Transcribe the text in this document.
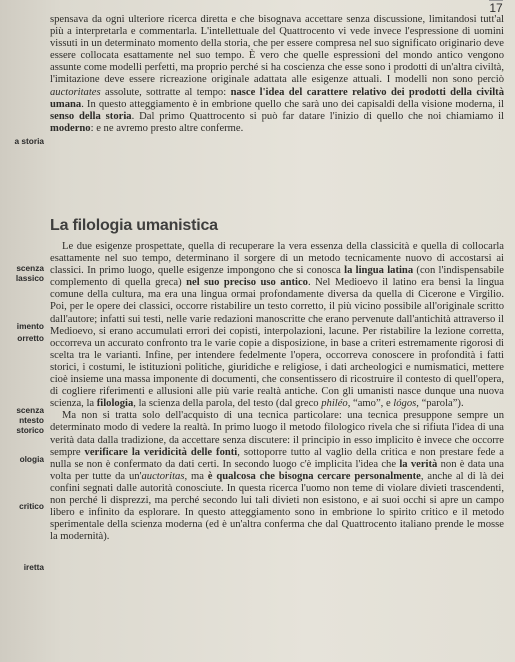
17
a storia
scenza
lassico
imento
orretto
scenza
ntesto
storico
ologia
critico
iretta

spensava da ogni ulteriore ricerca diretta e che bisognava accettare senza discussione, limitandosi tutt'al più a interpretarla e commentarla. L'intellettuale del Quattrocento vi vede invece l'espressione di uomini vissuti in un determinato momento della storia, che per essere compresa nel suo significato originario deve essere collocata esattamente nel suo tempo. È vero che quelle espressioni del mondo antico vengono assunte come modelli perfetti, ma proprio perché si ha coscienza che esse sono i prodotti di un'altra civiltà, l'imitazione deve essere ricreazione originale adattata alle esigenze attuali. I modelli non sono perciò auctoritates assolute, sottratte al tempo: nasce l'idea del carattere relativo dei prodotti della civiltà umana. In questo atteggiamento è in embrione quello che sarà uno dei capisaldi della visione moderna, il senso della storia. Dal primo Quattrocento si può far datare l'inizio di quello che noi chiamiamo il moderno: e ne avremo presto altre conferme.

La filologia umanistica

Le due esigenze prospettate, quella di recuperare la vera essenza della classicità e quella di collocarla esattamente nel suo tempo, determinano il sorgere di un metodo tecnicamente nuovo di accostarsi ai classici. In primo luogo, quelle esigenze impongono che si conosca la lingua latina (con l'indispensabile complemento di quella greca) nel suo preciso uso antico. Nel Medioevo il latino era bensì la lingua comune della cultura, ma era una lingua ormai profondamente diversa da quella di Cicerone e Virgilio. Poi, per le opere dei classici, occorre ristabilire un testo corretto, il più vicino possibile all'originale scritto dall'autore; infatti sui testi, nelle varie redazioni manoscritte che erano pervenute dall'antichità attraverso il Medioevo, si erano accumulati errori dei copisti, interpolazioni, lacune. Per ristabilire la lezione corretta, occorreva un accurato confronto tra le varie copie a disposizione, in base a criteri estremamente rigorosi di scelta tra le varianti. Infine, per intendere fedelmente l'opera, occorreva conoscere in profondità i fatti storici, i costumi, le istituzioni politiche, giuridiche e religiose, i dati archeologici e numismatici, mettere cioè insieme una massa imponente di documenti, che consentissero di ricostruire il contesto di quell'opera, di cogliere riferimenti e allusioni alle più varie realtà antiche. Con gli umanisti nasce dunque una nuova scienza, la filologia, la scienza della parola, del testo (dal greco philéo, “amo”, e lógos, “parola”).

Ma non si tratta solo dell'acquisto di una tecnica particolare: una tecnica presuppone sempre un determinato modo di vedere la realtà. In primo luogo il metodo filologico rivela che si rifiuta l'idea di una verità data dalla tradizione, da accettare senza discutere: il principio in esso implicito è invece che occorre sempre verificare la veridicità delle fonti, sottoporre tutto al vaglio della critica e non prestare fede a nulla se non è confermato da dati certi. In secondo luogo c'è implicita l'idea che la verità non è data una volta per tutte da un'auctoritas, ma è qualcosa che bisogna cercare personalmente, anche al di là dei confini segnati dalle autorità conosciute. In questa ricerca l'uomo non teme di violare divieti trascendenti, non perché li disprezzi, ma perché secondo lui tali divieti non esistono, e ai suoi occhi si apre un campo libero e infinito da esplorare. In questo atteggiamento sono in embrione lo spirito critico e il metodo sperimentale della scienza moderna (ed è un'altra conferma che dal Quattrocento italiano prende le mosse la modernità).
